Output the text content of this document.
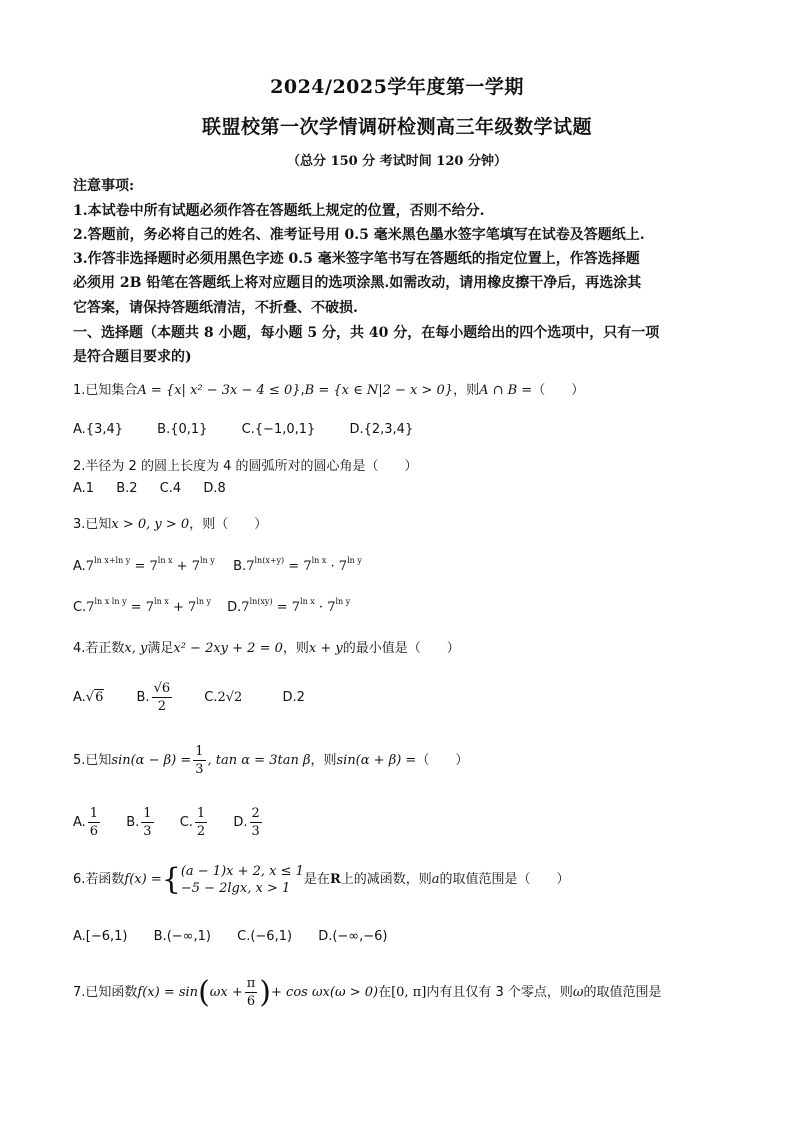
2024/2025学年度第一学期
联盟校第一次学情调研检测高三年级数学试题
（总分 150 分 考试时间 120 分钟）
注意事项:
1.本试卷中所有试题必须作答在答题纸上规定的位置，否则不给分.
2.答题前，务必将自己的姓名、准考证号用 0.5 毫米黑色墨水签字笔填写在试卷及答题纸上.
3.作答非选择题时必须用黑色字迹 0.5 毫米签字笔书写在答题纸的指定位置上，作答选择题
必须用 2B 铅笔在答题纸上将对应题目的选项涂黑.如需改动，请用橡皮擦干净后，再选涂其
它答案，请保持答题纸清洁，不折叠、不破损.
一、选择题（本题共 8 小题，每小题 5 分，共 40 分，在每小题给出的四个选项中，只有一项
是符合题目要求的)
1.已知集合A = {x| x² − 3x − 4 ≤ 0},B = {x ∈ N|2 − x > 0}，则A ∩ B =（　　）
A.{3,4}	B.{0,1}	C.{−1,0,1}	D.{2,3,4}
2.半径为 2 的圆上长度为 4 的圆弧所对的圆心角是（　　）
A.1 B.2 C.4 D.8
3.已知x > 0, y > 0，则（　　）
$A.7^{ln x+ln y} = 7^{ln x} + 7^{ln y}$ $B.7^{ln(x+y)} = 7^{ln x} \cdot 7^{ln y}$
$C.7^{ln x ln y} = 7^{ln x} + 7^{ln y}$ $D.7^{ln(xy)} = 7^{ln x} \cdot 7^{ln y}$
4.若正数x, y满足x² − 2xy + 2 = 0，则x + y的最小值是（　　）
A.√6	B. $\frac{√6}{2} C.2√2$	D.2
5.已知$\sin(\alpha - \beta) = \frac{1}{3}$ , tan α = 3tan β，则sin(α + β) =（　　）
A. $\frac{1}{6} B$. $\frac{1}{3} C$. $\frac{1}{2} D$. $\frac{2}{3}$
6.若函数f(x) ={ (a − 1)x + 2, x ≤ 1
−5 − 2lgx, x > 1
是在R上的减函数，则a的取值范围是（　　）
A.[−6,1) B.(−∞,1) C.(−6,1) D.(−∞,−6)
7.已知函数$f(x) = \sin(\omega x + \frac{\pi}{6}$ )+ cos ωx(ω > 0)在[0, π]内有且仅有 3 个零点，则ω的取值范围是
